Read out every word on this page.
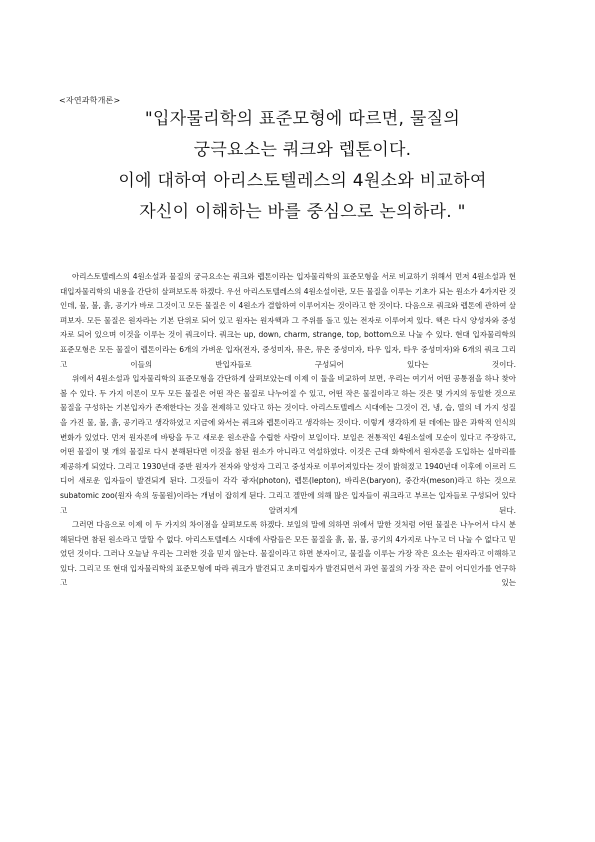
<자연과학개론>
"입자물리학의 표준모형에 따르면, 물질의
궁극요소는 쿼크와 렙톤이다.
이에 대하여 아리스토텔레스의 4원소와 비교하여
자신이 이해하는 바를 중심으로 논의하라. "

아리스토텔레스의 4원소설과 물질의 궁극요소는 쿼크와 렙톤이라는 입자물리학의 표준모형을 서로 비교하기 위해서 먼저 4원소설과 현대입자물리학의 내용을 간단히 살펴보도록 하겠다. 우선 아리스토텔레스의 4원소설이란, 모든 물질을 이루는 기초가 되는 원소가 4가지란 것인데, 물, 불, 흙, 공기가 바로 그것이고 모든 물질은 이 4원소가 결합하여 이루어지는 것이라고 한 것이다. 다음으로 쿼크와 렙톤에 관하여 살펴보자. 모든 물질은 원자라는 기본 단위로 되어 있고 원자는 원자핵과 그 주위를 돌고 있는 전자로 이루어져 있다. 핵은 다시 양성자와 중성자로 되어 있으며 이것을 이루는 것이 쿼크이다. 쿼크는 up, down, charm, strange, top, bottom으로 나눌 수 있다. 현대 입자물리학의 표준모형은 모든 물질이 렙톤이라는 6개의 가벼운 입자(전자, 중성미자, 뮤온, 뮤온 중성미자, 타우 입자, 타우 중성미자)와 6개의 쿼크 그리고 이들의 반입자들로 구성되어 있다는 것이다.

위에서 4원소설과 입자물리학의 표준모형을 간단하게 살펴보았는데 이제 이 둘을 비교하여 보면, 우리는 여기서 어떤 공통점을 하나 찾아볼 수 있다. 두 가지 이론이 모두 모든 물질은 어떤 작은 물질로 나누어질 수 있고, 어떤 작은 물질이라고 하는 것은 몇 가지의 동일한 것으로 물질을 구성하는 기본입자가 존재한다는 것을 전제하고 있다고 하는 것이다. 아리스토텔레스 시대에는 그것이 건, 냉, 습, 열의 네 가지 성질을 가진 물, 불, 흙, 공기라고 생각하였고 지금에 와서는 쿼크와 렙톤이라고 생각하는 것이다. 이렇게 생각하게 된 데에는 많은 과학적 인식의 변화가 있었다. 먼저 원자론에 바탕을 두고 새로운 원소관을 수립한 사람이 보일이다. 보일은 전통적인 4원소설에 모순이 있다고 주장하고, 어떤 물질이 몇 개의 물질로 다시 분해된다면 이것을 참된 원소가 아니라고 역설하였다. 이것은 근대 화학에서 원자론을 도입하는 실마리를 제공하게 되었다. 그리고 1930년대 중반 원자가 전자와 양성자 그리고 중성자로 이루어져있다는 것이 밝혀졌고 1940년대 이후에 이르러 드디어 새로운 입자들이 발견되게 된다. 그것들이 각각 광자(photon), 렙톤(lepton), 바리온(baryon), 중간자(meson)라고 하는 것으로 subatomic zoo(원자 속의 동물원)이라는 개념이 잡히게 된다. 그리고 겔만에 의해 많은 입자들이 쿼크라고 부르는 입자들로 구성되어 있다고 알려지게 된다.

그러면 다음으로 이제 이 두 가지의 차이점을 살펴보도록 하겠다. 보일의 말에 의하면 위에서 말한 것처럼 어떤 물질은 나누어서 다시 분해된다면 참된 원소라고 말할 수 없다. 아리스토텔레스 시대에 사람들은 모든 물질을 흙, 물, 불, 공기의 4가지로 나누고 더 나눌 수 없다고 믿었던 것이다. 그러나 오늘날 우리는 그러한 것을 믿지 않는다. 물질이라고 하면 분자이고, 물질을 이루는 가장 작은 요소는 원자라고 이해하고 있다. 그리고 또 현대 입자물리학의 표준모형에 따라 쿼크가 발견되고 초미립자가 발견되면서 과연 물질의 가장 작은 끝이 어디인가를 연구하고 있는
